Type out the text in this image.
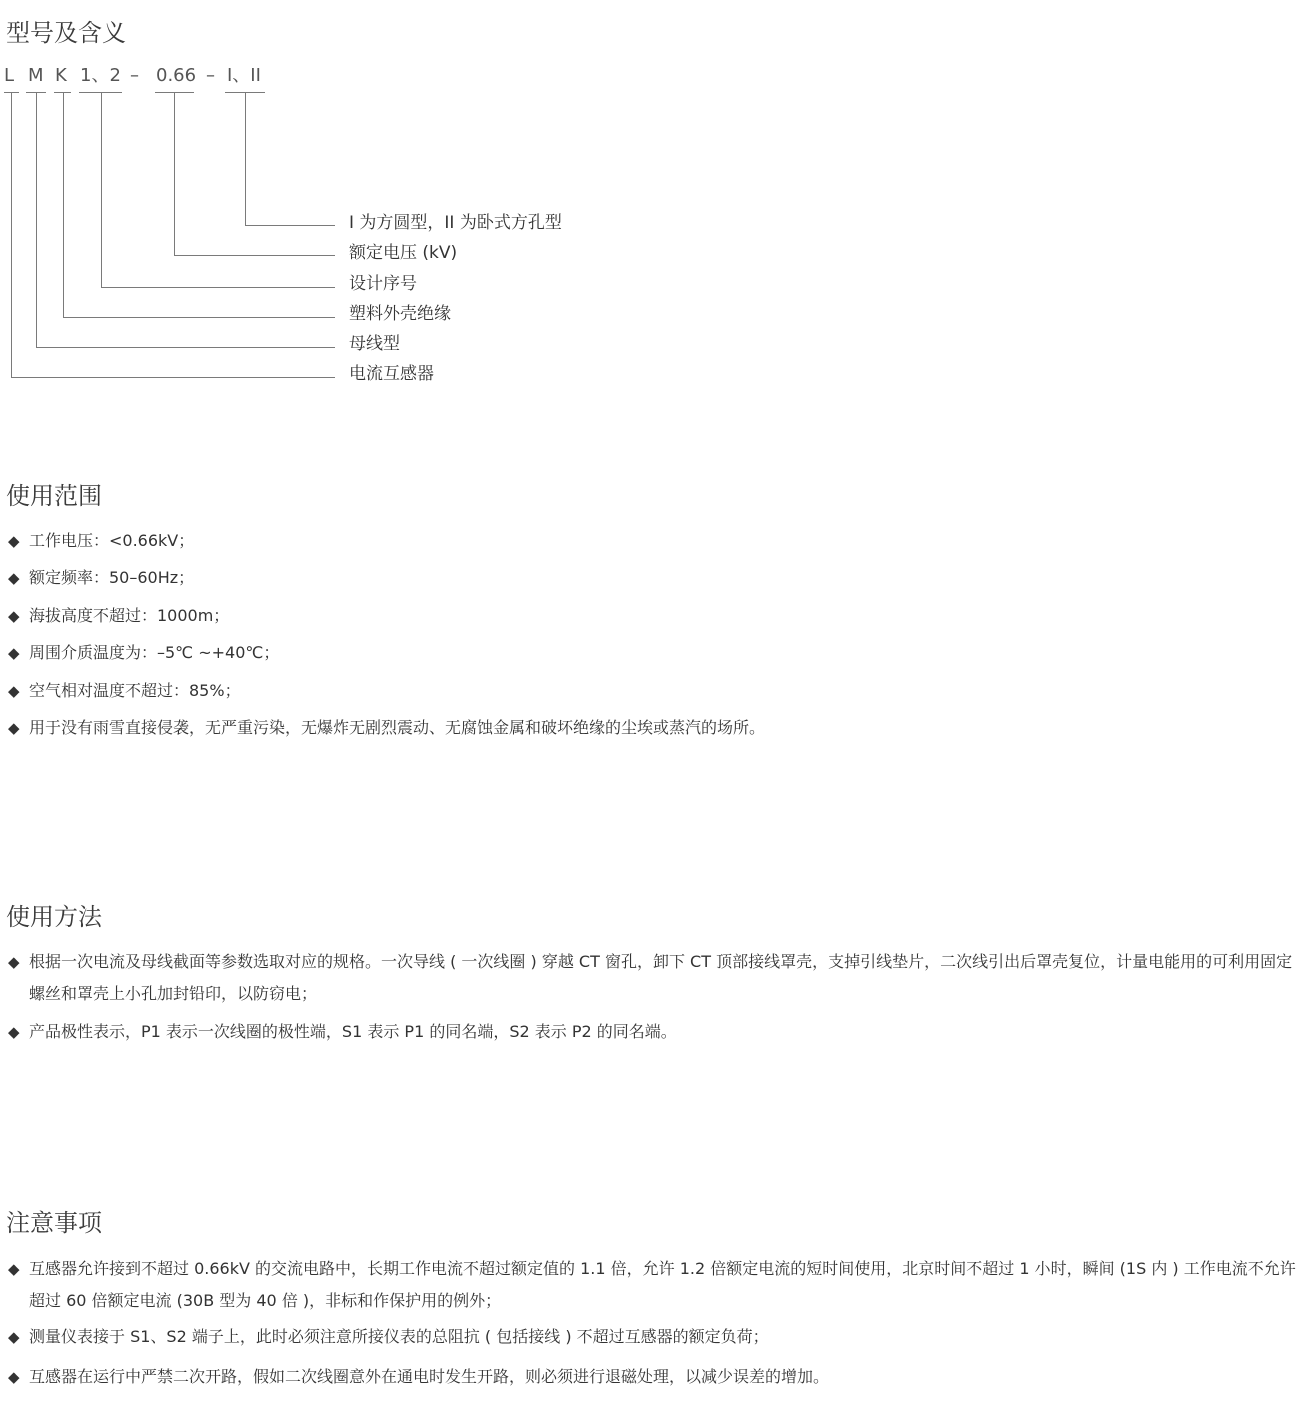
型号及含义
L M K 1、2 – 0.66 – I、II
I 为方圆型，II 为卧式方孔型
额定电压 (kV)
设计序号
塑料外壳绝缘
母线型
电流互感器
使用范围
◆ 工作电压：<0.66kV；
◆ 额定频率：50–60Hz；
◆ 海拔高度不超过：1000m；
◆ 周围介质温度为：–5℃ ~+40℃；
◆ 空气相对温度不超过：85%；
◆ 用于没有雨雪直接侵袭，无严重污染，无爆炸无剧烈震动、无腐蚀金属和破坏绝缘的尘埃或蒸汽的场所。
使用方法
◆ 根据一次电流及母线截面等参数选取对应的规格。一次导线 ( 一次线圈 ) 穿越 CT 窗孔，卸下 CT 顶部接线罩壳，支掉引线垫片，二次线引出后罩壳复位，计量电能用的可利用固定螺丝和罩壳上小孔加封铅印，以防窃电；
◆ 产品极性表示，P1 表示一次线圈的极性端，S1 表示 P1 的同名端，S2 表示 P2 的同名端。
注意事项
◆ 互感器允许接到不超过 0.66kV 的交流电路中，长期工作电流不超过额定值的 1.1 倍，允许 1.2 倍额定电流的短时间使用，北京时间不超过 1 小时，瞬间 (1S 内 ) 工作电流不允许超过 60 倍额定电流 (30B 型为 40 倍 )，非标和作保护用的例外；
◆ 测量仪表接于 S1、S2 端子上，此时必须注意所接仪表的总阻抗 ( 包括接线 ) 不超过互感器的额定负荷；
◆ 互感器在运行中严禁二次开路，假如二次线圈意外在通电时发生开路，则必须进行退磁处理，以减少误差的增加。
